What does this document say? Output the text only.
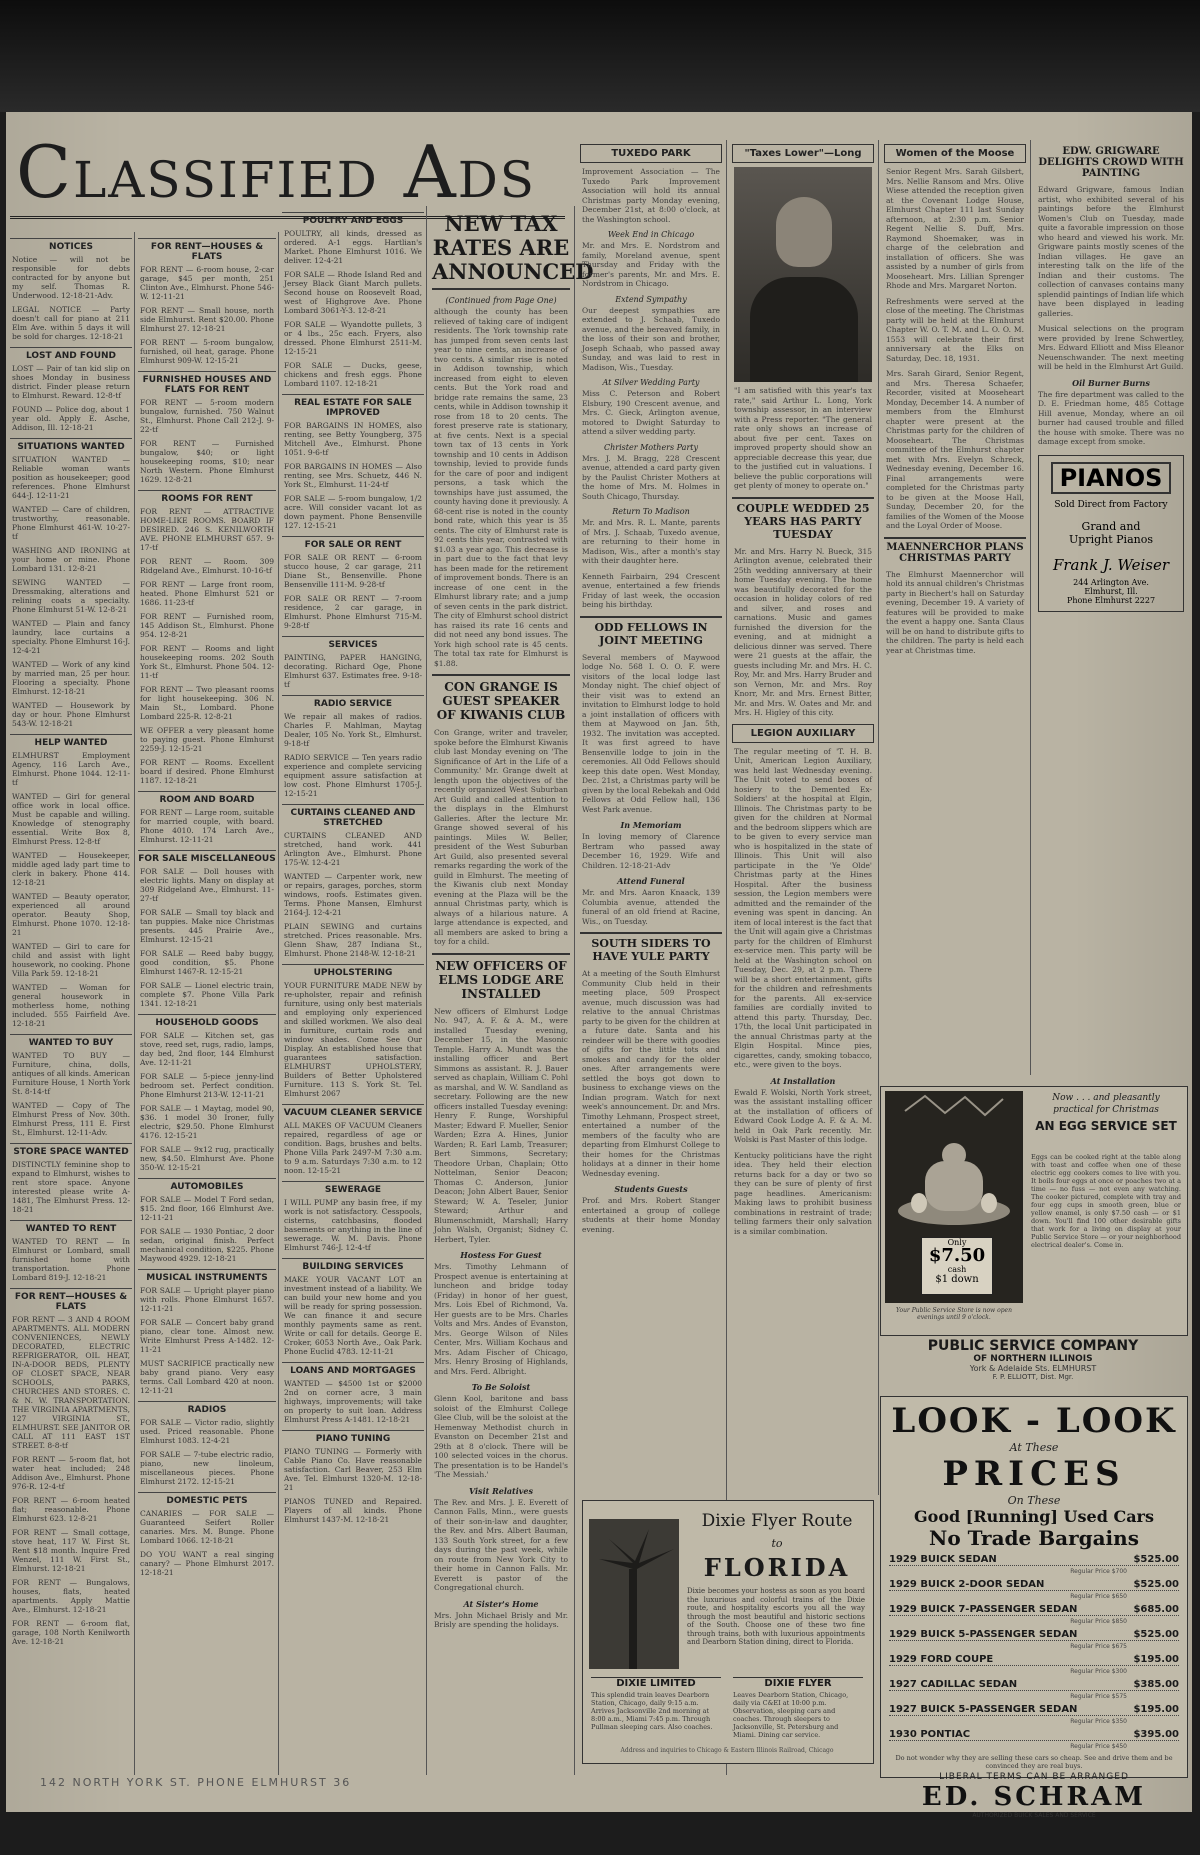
Classified Ads
NOTICES
Notice — will not be responsible for debts contracted for by anyone but my self. Thomas R. Underwood. 12-18-21-Adv.
LEGAL NOTICE — Party doesn't call for piano at 211 Elm Ave. within 5 days it will be sold for charges. 12-18-21
LOST AND FOUND
LOST — Pair of tan kid slip on shoes Monday in business district. Finder please return to Elmhurst. Reward. 12-8-tf
FOUND — Police dog, about 1 year old. Apply E. Asche, Addison, Ill. 12-18-21
SITUATIONS WANTED
SITUATION WANTED — Reliable woman wants position as housekeeper; good references. Phone Elmhurst 644-J. 12-11-21
WANTED — Care of children, trustworthy, reasonable. Phone Elmhurst 461-W. 10-27-tf
WASHING AND IRONING at your home or mine. Phone Lombard 131. 12-8-21
SEWING WANTED — Dressmaking, alterations and relining coats a specialty. Phone Elmhurst 51-W. 12-8-21
WANTED — Plain and fancy laundry, lace curtains a specialty. Phone Elmhurst 16-J. 12-4-21
WANTED — Work of any kind by married man, 25 per hour. Flooring a specialty. Phone Elmhurst. 12-18-21
WANTED — Housework by day or hour. Phone Elmhurst 543-W. 12-18-21
HELP WANTED
ELMHURST Employment Agency, 116 Larch Ave., Elmhurst. Phone 1044. 12-11-tf
WANTED — Girl for general office work in local office. Must be capable and willing. Knowledge of stenography essential. Write Box 8, Elmhurst Press. 12-8-tf
WANTED — Housekeeper, middle aged lady part time to clerk in bakery. Phone 414. 12-18-21
WANTED — Beauty operator, experienced all around operator. Beauty Shop, Elmhurst. Phone 1070. 12-18-21
WANTED — Girl to care for child and assist with light housework, no cooking. Phone Villa Park 59. 12-18-21
WANTED — Woman for general housework in motherless home, nothing included. 555 Fairfield Ave. 12-18-21
WANTED TO BUY
WANTED TO BUY — Furniture, china, dolls, antiques of all kinds. American Furniture House, 1 North York St. 8-14-tf
WANTED — Copy of The Elmhurst Press of Nov. 30th. Elmhurst Press, 111 E. First St., Elmhurst. 12-11-Adv.
STORE SPACE WANTED
DISTINCTLY feminine shop to expand to Elmhurst, wishes to rent store space. Anyone interested please write A-1481, The Elmhurst Press. 12-18-21
WANTED TO RENT
WANTED TO RENT — In Elmhurst or Lombard, small furnished home with transportation. Phone Lombard 819-J. 12-18-21
FOR RENT—HOUSES & FLATS
FOR RENT — 3 AND 4 ROOM APARTMENTS. ALL MODERN CONVENIENCES, NEWLY DECORATED, ELECTRIC REFRIGERATOR, OIL HEAT, IN-A-DOOR BEDS, PLENTY OF CLOSET SPACE, NEAR SCHOOLS, PARKS, CHURCHES AND STORES. C. & N. W. TRANSPORTATION. THE VIRGINIA APARTMENTS, 127 VIRGINIA ST., ELMHURST. SEE JANITOR OR CALL AT 111 EAST 1ST STREET. 8-8-tf
FOR RENT — 5-room flat, hot water heat included; 248 Addison Ave., Elmhurst. Phone 976-R. 12-4-tf
FOR RENT — 6-room heated flat; reasonable. Phone Elmhurst 623. 12-8-21
FOR RENT — Small cottage, stove heat, 117 W. First St. Rent $18 month. Inquire Fred Wenzel, 111 W. First St., Elmhurst. 12-18-21
FOR RENT — Bungalows, houses, flats, heated apartments. Apply Mattie Ave., Elmhurst. 12-18-21
FOR RENT — 6-room flat, garage, 108 North Kenilworth Ave. 12-18-21
FOR RENT—HOUSES & FLATS
FOR RENT — 6-room house, 2-car garage, $45 per month, 251 Clinton Ave., Elmhurst. Phone 546-W. 12-11-21
FOR RENT — Small house, north side Elmhurst. Rent $20.00. Phone Elmhurst 27. 12-18-21
FOR RENT — 5-room bungalow, furnished, oil heat, garage. Phone Elmhurst 909-W. 12-15-21
FURNISHED HOUSES AND FLATS FOR RENT
FOR RENT — 5-room modern bungalow, furnished. 750 Walnut St., Elmhurst. Phone Call 212-J. 9-22-tf
FOR RENT — Furnished bungalow, $40; or light housekeeping rooms, $10; near North Western. Phone Elmhurst 1629. 12-8-21
ROOMS FOR RENT
FOR RENT — ATTRACTIVE HOME-LIKE ROOMS. BOARD IF DESIRED. 246 S. KENILWORTH AVE. PHONE ELMHURST 657. 9-17-tf
FOR RENT — Room. 309 Ridgeland Ave., Elmhurst. 10-16-tf
FOR RENT — Large front room, heated. Phone Elmhurst 521 or 1686. 11-23-tf
FOR RENT — Furnished room, 145 Addison St., Elmhurst. Phone 954. 12-8-21
FOR RENT — Rooms and light housekeeping rooms. 202 South York St., Elmhurst. Phone 504. 12-11-tf
FOR RENT — Two pleasant rooms for light housekeeping. 306 N. Main St., Lombard. Phone Lombard 225-R. 12-8-21
WE OFFER a very pleasant home to paying guest. Phone Elmhurst 2259-J. 12-15-21
FOR RENT — Rooms. Excellent board if desired. Phone Elmhurst 1187. 12-18-21
ROOM AND BOARD
FOR RENT — Large room, suitable for married couple, with board. Phone 4010. 174 Larch Ave., Elmhurst. 12-11-21
FOR SALE MISCELLANEOUS
FOR SALE — Doll houses with electric lights. Many on display at 309 Ridgeland Ave., Elmhurst. 11-27-tf
FOR SALE — Small toy black and tan puppies. Make nice Christmas presents. 445 Prairie Ave., Elmhurst. 12-15-21
FOR SALE — Reed baby buggy, good condition, $5. Phone Elmhurst 1467-R. 12-15-21
FOR SALE — Lionel electric train, complete $7. Phone Villa Park 1341. 12-18-21
HOUSEHOLD GOODS
FOR SALE — Kitchen set, gas stove, reed set, rugs, radio, lamps, day bed, 2nd floor, 144 Elmhurst Ave. 12-11-21
FOR SALE — 5-piece jenny-lind bedroom set. Perfect condition. Phone Elmhurst 213-W. 12-11-21
FOR SALE — 1 Maytag, model 90, $36. 1 model 30 Ironer, fully electric, $29.50. Phone Elmhurst 4176. 12-15-21
FOR SALE — 9x12 rug, practically new, $4.50. Elmhurst Ave. Phone 350-W. 12-15-21
AUTOMOBILES
FOR SALE — Model T Ford sedan, $15. 2nd floor, 166 Elmhurst Ave. 12-11-21
FOR SALE — 1930 Pontiac, 2 door sedan, original finish. Perfect mechanical condition, $225. Phone Maywood 4929. 12-18-21
MUSICAL INSTRUMENTS
FOR SALE — Upright player piano with rolls. Phone Elmhurst 1657. 12-11-21
FOR SALE — Concert baby grand piano, clear tone. Almost new. Write Elmhurst Press A-1482. 12-11-21
MUST SACRIFICE practically new baby grand piano. Very easy terms. Call Lombard 420 at noon. 12-11-21
RADIOS
FOR SALE — Victor radio, slightly used. Priced reasonable. Phone Elmhurst 1083. 12-4-21
FOR SALE — 7-tube electric radio, piano, new linoleum, miscellaneous pieces. Phone Elmhurst 2172. 12-15-21
DOMESTIC PETS
CANARIES — FOR SALE — Guaranteed Seifert Roller canaries. Mrs. M. Bunge. Phone Lombard 1066. 12-18-21
DO YOU WANT a real singing canary? — Phone Elmhurst 2017. 12-18-21
POULTRY AND EGGS
POULTRY, all kinds, dressed as ordered. A-1 eggs. Hartlian's Market. Phone Elmhurst 1016. We deliver. 12-4-21
FOR SALE — Rhode Island Red and Jersey Black Giant March pullets. Second house on Roosevelt Road, west of Highgrove Ave. Phone Lombard 3061-Y-3. 12-8-21
FOR SALE — Wyandotte pullets, 3 or 4 lbs., 25c each. Fryers, also dressed. Phone Elmhurst 2511-M. 12-15-21
FOR SALE — Ducks, geese, chickens and fresh eggs. Phone Lombard 1107. 12-18-21
REAL ESTATE FOR SALE IMPROVED
FOR BARGAINS IN HOMES, also renting, see Betty Youngberg, 375 Mitchell Ave., Elmhurst. Phone 1051. 9-6-tf
FOR BARGAINS IN HOMES — Also renting, see Mrs. Schuetz, 446 N. York St., Elmhurst. 11-24-tf
FOR SALE — 5-room bungalow, 1/2 acre. Will consider vacant lot as down payment. Phone Bensenville 127. 12-15-21
FOR SALE OR RENT
FOR SALE OR RENT — 6-room stucco house, 2 car garage, 211 Diane St., Bensenville. Phone Bensenville 111-M. 9-28-tf
FOR SALE OR RENT — 7-room residence, 2 car garage, in Elmhurst. Phone Elmhurst 715-M. 9-28-tf
SERVICES
PAINTING, PAPER HANGING, decorating. Richard Oge, Phone Elmhurst 637. Estimates free. 9-18-tf
RADIO SERVICE
We repair all makes of radios. Charles F. Mahlman, Maytag Dealer, 105 No. York St., Elmhurst. 9-18-tf
RADIO SERVICE — Ten years radio experience and complete servicing equipment assure satisfaction at low cost. Phone Elmhurst 1705-J. 12-15-21
CURTAINS CLEANED AND STRETCHED
CURTAINS CLEANED AND stretched, hand work. 441 Arlington Ave., Elmhurst. Phone 175-W. 12-4-21
WANTED — Carpenter work, new or repairs, garages, porches, storm windows, roofs. Estimates given. Terms. Phone Mansen, Elmhurst 2164-J. 12-4-21
PLAIN SEWING and curtains stretched. Prices reasonable. Mrs. Glenn Shaw, 287 Indiana St., Elmhurst. Phone 2148-W. 12-18-21
UPHOLSTERING
YOUR FURNITURE MADE NEW by re-upholster, repair and refinish furniture, using only best materials and employing only experienced and skilled workmen. We also deal in furniture, curtain rods and window shades. Come See Our Display. An established house that guarantees satisfaction. ELMHURST UPHOLSTERY, Builders of Better Upholstered Furniture. 113 S. York St. Tel. Elmhurst 2067
VACUUM CLEANER SERVICE
ALL MAKES OF VACUUM Cleaners repaired, regardless of age or condition. Bags, brushes and belts. Phone Villa Park 2497-M 7:30 a.m. to 9 a.m. Saturdays 7:30 a.m. to 12 noon. 12-15-21
SEWERAGE
I WILL PUMP any basin free, if my work is not satisfactory. Cesspools, cisterns, catchbasins, flooded basements or anything in the line of sewerage. W. M. Davis. Phone Elmhurst 746-J. 12-4-tf
BUILDING SERVICES
MAKE YOUR VACANT LOT an investment instead of a liability. We can build your new home and you will be ready for spring possession. We can finance it and secure monthly payments same as rent. Write or call for details. George E. Croker, 6053 North Ave., Oak Park. Phone Euclid 4783. 12-11-21
LOANS AND MORTGAGES
WANTED — $4500 1st or $2000 2nd on corner acre, 3 main highways, improvements; will take on property to suit loan. Address Elmhurst Press A-1481. 12-18-21
PIANO TUNING
PIANO TUNING — Formerly with Cable Piano Co. Have reasonable satisfaction. Carl Beaver, 253 Elm Ave. Tel. Elmhurst 1320-M. 12-18-21
PIANOS TUNED and Repaired. Players of all kinds. Phone Elmhurst 1437-M. 12-18-21
NEW TAX RATES ARE ANNOUNCED
(Continued from Page One)
although the county has been relieved of taking care of indigent residents. The York township rate has jumped from seven cents last year to nine cents, an increase of two cents. A similar rise is noted in Addison township, which increased from eight to eleven cents. But the York road and bridge rate remains the same, 23 cents, while in Addison township it rose from 18 to 20 cents. The forest preserve rate is stationary, at five cents. Next is a special town tax of 13 cents in York township and 10 cents in Addison township, levied to provide funds for the care of poor and indigent persons, a task which the townships have just assumed, the county having done it previously. A 68-cent rise is noted in the county bond rate, which this year is 35 cents. The city of Elmhurst rate is 92 cents this year, contrasted with $1.03 a year ago. This decrease is in part due to the fact that levy has been made for the retirement of improvement bonds. There is an increase of one cent in the Elmhurst library rate; and a jump of seven cents in the park district. The city of Elmhurst school district has raised its rate 16 cents and did not need any bond issues. The York high school rate is 45 cents. The total tax rate for Elmhurst is $1.88.
CON GRANGE IS GUEST SPEAKER OF KIWANIS CLUB
Con Grange, writer and traveler, spoke before the Elmhurst Kiwanis club last Monday evening on 'The Significance of Art in the Life of a Community.' Mr. Grange dwelt at length upon the objectives of the recently organized West Suburban Art Guild and called attention to the displays in the Elmhurst Galleries. After the lecture Mr. Grange showed several of his paintings. Miles W. Beller, president of the West Suburban Art Guild, also presented several remarks regarding the work of the guild in Elmhurst. The meeting of the Kiwanis club next Monday evening at the Plaza will be the annual Christmas party, which is always of a hilarious nature. A large attendance is expected, and all members are asked to bring a toy for a child.
NEW OFFICERS OF ELMS LODGE ARE INSTALLED
New officers of Elmhurst Lodge No. 947, A. F. & A. M., were installed Tuesday evening, December 15, in the Masonic Temple. Harry A. Mundt was the installing officer and Bert Simmons as assistant. R. J. Bauer served as chaplain, William C. Pohl as marshal, and W. W. Sandland as secretary. Following are the new officers installed Tuesday evening: Henry F. Runge, Worshipful Master; Edward F. Mueller, Senior Warden; Ezra A. Hines, Junior Warden; R. Earl Lamb, Treasurer; Bert Simmons, Secretary; Theodore Urban, Chaplain; Otto Nottelman, Senior Deacon; Thomas C. Anderson, Junior Deacon; John Albert Bauer, Senior Steward; W. A. Teseler, Junior Steward; Arthur and Blumenschmidt, Marshall; Harry John Walsh, Organist; Sidney C. Herbert, Tyler.
Hostess For Guest
Mrs. Timothy Lehmann of Prospect avenue is entertaining at luncheon and bridge today (Friday) in honor of her guest, Mrs. Lois Ebel of Richmond, Va. Her guests are to be Mrs. Charles Volts and Mrs. Andes of Evanston, Mrs. George Wilson of Niles Center, Mrs. William Kochaus and Mrs. Adam Fischer of Chicago, Mrs. Henry Brosing of Highlands, and Mrs. Ferd. Albright.
To Be Soloist
Glenn Kool, baritone and bass soloist of the Elmhurst College Glee Club, will be the soloist at the Hemenway Methodist church in Evanston on December 21st and 29th at 8 o'clock. There will be 100 selected voices in the chorus. The presentation is to be Handel's 'The Messiah.'
Visit Relatives
The Rev. and Mrs. J. E. Everett of Cannon Falls, Minn., were guests of their son-in-law and daughter, the Rev. and Mrs. Albert Bauman, 133 South York street, for a few days during the past week, while on route from New York City to their home in Cannon Falls. Mr. Everett is pastor of the Congregational church.
At Sister's Home
Mrs. John Michael Brisly and Mr. Brisly are spending the holidays.
TUXEDO PARK
Improvement Association — The Tuxedo Park Improvement Association will hold its annual Christmas party Monday evening, December 21st, at 8:00 o'clock, at the Washington school.
Week End in Chicago
Mr. and Mrs. E. Nordstrom and family, Moreland avenue, spent Thursday and Friday with the former's parents, Mr. and Mrs. E. Nordstrom in Chicago.
Extend Sympathy
Our deepest sympathies are extended to J. Schaab, Tuxedo avenue, and the bereaved family, in the loss of their son and brother, Joseph Schaab, who passed away Sunday, and was laid to rest in Madison, Wis., Tuesday.
At Silver Wedding Party
Miss C. Peterson and Robert Elsbury, 190 Crescent avenue, and Mrs. C. Gieck, Arlington avenue, motored to Dwight Saturday to attend a silver wedding party.
Christer Mothers Party
Mrs. J. M. Bragg, 228 Crescent avenue, attended a card party given by the Paulist Christer Mothers at the home of Mrs. M. Holmes in South Chicago, Thursday.
Return To Madison
Mr. and Mrs. R. L. Mante, parents of Mrs. J. Schaab, Tuxedo avenue, are returning to their home in Madison, Wis., after a month's stay with their daughter here.
Kenneth Fairbairn, 294 Crescent avenue, entertained a few friends Friday of last week, the occasion being his birthday.
ODD FELLOWS IN JOINT MEETING
Several members of Maywood lodge No. 568 I. O. O. F. were visitors of the local lodge last Monday night. The chief object of their visit was to extend an invitation to Elmhurst lodge to hold a joint installation of officers with them at Maywood on Jan. 5th, 1932. The invitation was accepted. It was first agreed to have Bensenville lodge to join in the ceremonies. All Odd Fellows should keep this date open. West Monday, Dec. 21st, a Christmas party will be given by the local Rebekah and Odd Fellows at Odd Fellow hall, 136 West Park avenue.
In Memoriam
In loving memory of Clarence Bertram who passed away December 16, 1929. Wife and Children. 12-18-21-Adv
Attend Funeral
Mr. and Mrs. Aaron Knaack, 139 Columbia avenue, attended the funeral of an old friend at Racine, Wis., on Tuesday.
SOUTH SIDERS TO HAVE YULE PARTY
At a meeting of the South Elmhurst Community Club held in their meeting place, 509 Prospect avenue, much discussion was had relative to the annual Christmas party to be given for the children at a future date. Santa and his reindeer will be there with goodies of gifts for the little tots and smokes and candy for the older ones. After arrangements were settled the boys got down to business to exchange views on the Indian program. Watch for next week's announcement. Dr. and Mrs. Timothy Lehmann, Prospect street, entertained a number of the members of the faculty who are departing from Elmhurst College to their homes for the Christmas holidays at a dinner in their home Wednesday evening.
Students Guests
Prof. and Mrs. Robert Stanger entertained a group of college students at their home Monday evening.
Dixie Flyer Route
to
FLORIDA
Dixie becomes your hostess as soon as you board the luxurious and colorful trains of the Dixie route, and hospitality escorts you all the way through the most beautiful and historic sections of the South. Choose one of these two fine through trains, both with luxurious appointments and Dearborn Station dining, direct to Florida.
DIXIE LIMITED
This splendid train leaves Dearborn Station, Chicago, daily 9:15 a.m. Arrives Jacksonville 2nd morning at 8:00 a.m., Miami 7:45 p.m. Through Pullman sleeping cars. Also coaches.
DIXIE FLYER
Leaves Dearborn Station, Chicago, daily via C&EI at 10:00 p.m. Observation, sleeping cars and coaches. Through sleepers to Jacksonville, St. Petersburg and Miami. Dining car service.
Address and inquiries to Chicago & Eastern Illinois Railroad, Chicago
"Taxes Lower"—Long
"I am satisfied with this year's tax rate," said Arthur L. Long, York township assessor, in an interview with a Press reporter. "The general rate only shows an increase of about five per cent. Taxes on improved property should show an appreciable decrease this year, due to the justified cut in valuations. I believe the public corporations will get plenty of money to operate on."
COUPLE WEDDED 25 YEARS HAS PARTY TUESDAY
Mr. and Mrs. Harry N. Bueck, 315 Arlington avenue, celebrated their 25th wedding anniversary at their home Tuesday evening. The home was beautifully decorated for the occasion in holiday colors of red and silver, and roses and carnations. Music and games furnished the diversion for the evening, and at midnight a delicious dinner was served. There were 21 guests at the affair, the guests including Mr. and Mrs. H. C. Roy, Mr. and Mrs. Harry Bruder and son Vernon, Mr. and Mrs. Roy Knorr, Mr. and Mrs. Ernest Bitter, Mr. and Mrs. W. Oates and Mr. and Mrs. H. Higley of this city.
LEGION AUXILIARY
The regular meeting of 'T. H. B. Unit, American Legion Auxiliary, was held last Wednesday evening. The Unit voted to send boxes of hosiery to the Demented Ex-Soldiers' at the hospital at Elgin, Illinois. The Christmas party to be given for the children at Normal and the bedroom slippers which are to be given to every service man who is hospitalized in the state of Illinois. This Unit will also participate in the 'Ye Olde' Christmas party at the Hines Hospital. After the business session, the Legion members were admitted and the remainder of the evening was spent in dancing. An item of local interest is the fact that the Unit will again give a Christmas party for the children of Elmhurst ex-service men. This party will be held at the Washington school on Tuesday, Dec. 29, at 2 p.m. There will be a short entertainment, gifts for the children and refreshments for the parents. All ex-service families are cordially invited to attend this party. Thursday, Dec. 17th, the local Unit participated in the annual Christmas party at the Elgin Hospital. Mince pies, cigarettes, candy, smoking tobacco, etc., were given to the boys.
At Installation
Ewald F. Wolski, North York street, was the assistant installing officer at the installation of officers of Edward Cook Lodge A. F. & A. M. held in Oak Park recently. Mr. Wolski is Past Master of this lodge.
Kentucky politicians have the right idea. They held their election returns back for a day or two so they can be sure of plenty of first page headlines. Americanism: Making laws to prohibit business combinations in restraint of trade; telling farmers their only salvation is a similar combination.
Women of the Moose
Senior Regent Mrs. Sarah Gilsbert, Mrs. Nellie Ransom and Mrs. Olive Wiese attended the reception given at the Covenant Lodge House, Elmhurst Chapter 111 last Sunday afternoon, at 2:30 p.m. Senior Regent Nellie S. Duff, Mrs. Raymond Shoemaker, was in charge of the celebration and installation of officers. She was assisted by a number of girls from Mooseheart. Mrs. Lillian Sprenger Rhode and Mrs. Margaret Norton.
Refreshments were served at the close of the meeting. The Christmas party will be held at the Elmhurst Chapter W. O. T. M. and L. O. O. M. 1553 will celebrate their first anniversary at the Elks on Saturday, Dec. 18, 1931.
Mrs. Sarah Girard, Senior Regent, and Mrs. Theresa Schaefer, Recorder, visited at Mooseheart Monday, December 14. A number of members from the Elmhurst chapter were present at the Christmas party for the children of Mooseheart. The Christmas committee of the Elmhurst chapter met with Mrs. Evelyn Schreck, Wednesday evening, December 16. Final arrangements were completed for the Christmas party to be given at the Moose Hall, Sunday, December 20, for the families of the Women of the Moose and the Loyal Order of Moose.
MAENNERCHOR PLANS CHRISTMAS PARTY
The Elmhurst Maennerchor will hold its annual children's Christmas party in Biechert's hall on Saturday evening, December 19. A variety of features will be provided to make the event a happy one. Santa Claus will be on hand to distribute gifts to the children. The party is held each year at Christmas time.
Only
$7.50
cash
$1 down
Now . . . and pleasantly
practical for Christmas
AN EGG SERVICE SET
Eggs can be cooked right at the table along with toast and coffee when one of these electric egg cookers comes to live with you. It boils four eggs at once or poaches two at a time — no fuss — not even any watching. The cooker pictured, complete with tray and four egg cups in smooth green, blue or yellow enamel, is only $7.50 cash — or $1 down. You'll find 100 other desirable gifts that work for a living on display at your Public Service Store — or your neighborhood electrical dealer's. Come in.
Your Public Service Store is now open evenings until 9 o'clock.
PUBLIC SERVICE COMPANY
OF NORTHERN ILLINOIS
York & Adelaide Sts. ELMHURST
F. P. ELLIOTT, Dist. Mgr.
EDW. GRIGWARE DELIGHTS CROWD WITH PAINTING
Edward Grigware, famous Indian artist, who exhibited several of his paintings before the Elmhurst Women's Club on Tuesday, made quite a favorable impression on those who heard and viewed his work. Mr. Grigware paints mostly scenes of the Indian villages. He gave an interesting talk on the life of the Indian and their customs. The collection of canvases contains many splendid paintings of Indian life which have been displayed in leading galleries.
Musical selections on the program were provided by Irene Schwertley, Mrs. Edward Elliott and Miss Eleanor Neuenschwander. The next meeting will be held in the Elmhurst Art Guild.
Oil Burner Burns
The fire department was called to the D. E. Friedman home, 485 Cottage Hill avenue, Monday, where an oil burner had caused trouble and filled the house with smoke. There was no damage except from smoke.
PIANOS
Sold Direct from Factory
Grand and Upright Pianos
Frank J. Weiser
244 Arlington Ave.
Elmhurst, Ill.
Phone Elmhurst 2227
LOOK - LOOK
At These
PRICES
On These
Good [Running] Used Cars
No Trade Bargains
1929 BUICK SEDAN	$525.00
Regular Price $700
1929 BUICK 2-DOOR SEDAN	$525.00
Regular Price $650
1929 BUICK 7-PASSENGER SEDAN	$685.00
Regular Price $850
1929 BUICK 5-PASSENGER SEDAN	$525.00
Regular Price $675
1929 FORD COUPE	$195.00
Regular Price $300
1927 CADILLAC SEDAN	$385.00
Regular Price $575
1927 BUICK 5-PASSENGER SEDAN	$195.00
Regular Price $350
1930 PONTIAC	$395.00
Regular Price $450
Do not wonder why they are selling these cars so cheap. See and drive them and be convinced they are real buys.
LIBERAL TERMS CAN BE ARRANGED
ED. SCHRAM
AUTHORIZED BUICK SALES AND SERVICE
142 NORTH YORK ST. PHONE ELMHURST 36
